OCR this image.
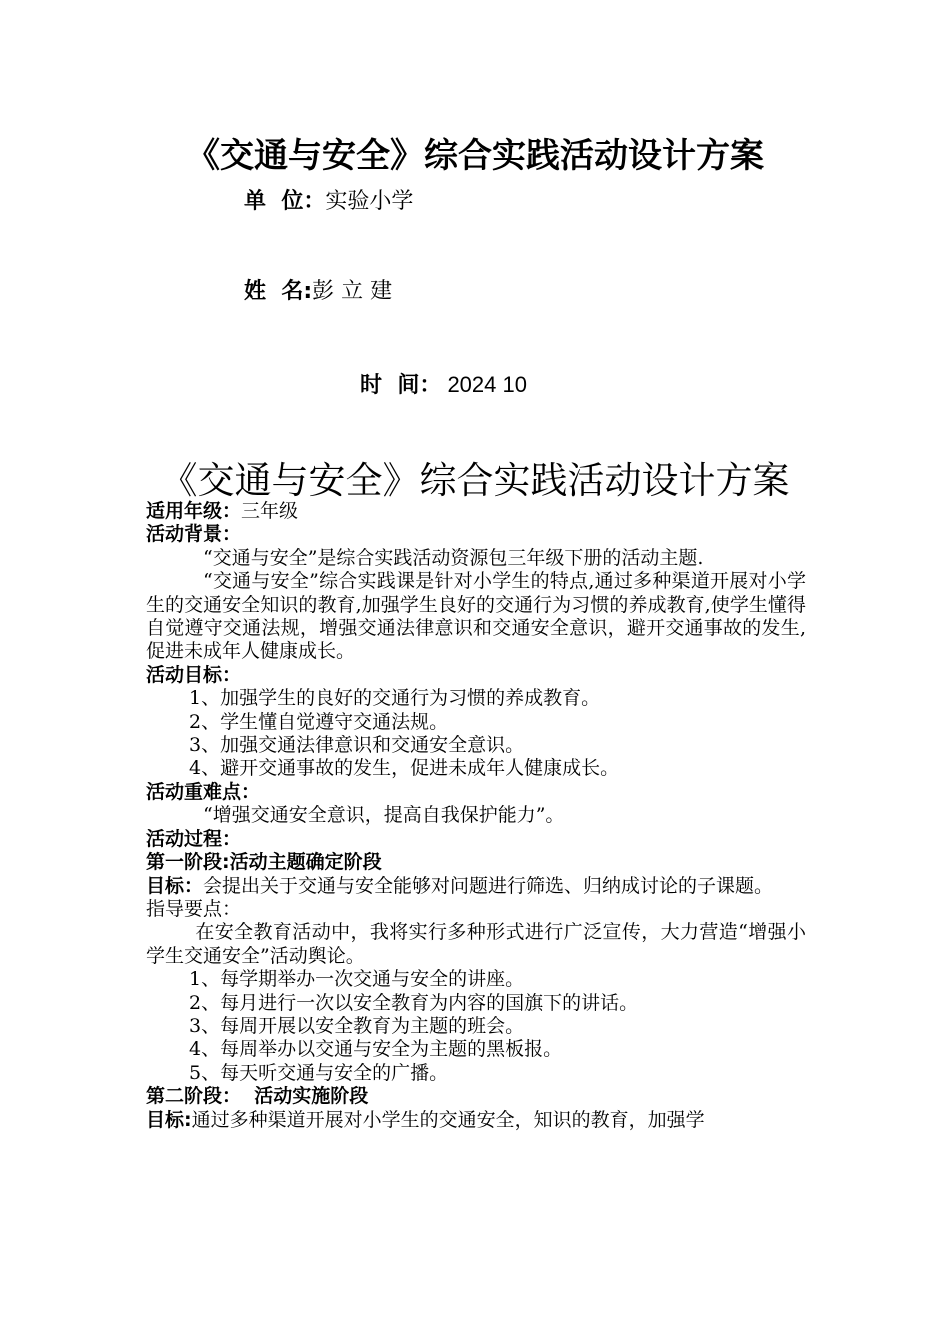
《交通与安全》综合实践活动设计方案
单  位：实验小学
姓  名:彭 立 建
时  间： 2024 10
《交通与安全》综合实践活动设计方案

适用年级：三年级

活动背景：

“交通与安全”是综合实践活动资源包三年级下册的活动主题.

“交通与安全”综合实践课是针对小学生的特点,通过多种渠道开展对小学生的交通安全知识的教育,加强学生良好的交通行为习惯的养成教育,使学生懂得自觉遵守交通法规，增强交通法律意识和交通安全意识，避开交通事故的发生,促进未成年人健康成长。

活动目标：

1、加强学生的良好的交通行为习惯的养成教育。

2、学生懂自觉遵守交通法规。

3、加强交通法律意识和交通安全意识。

4、避开交通事故的发生，促进未成年人健康成长。

活动重难点：

“增强交通安全意识，提高自我保护能力”。

活动过程：

第一阶段:活动主题确定阶段

目标：会提出关于交通与安全能够对问题进行筛选、归纳成讨论的子课题。

指导要点：

在安全教育活动中，我将实行多种形式进行广泛宣传，大力营造“增强小学生交通安全”活动舆论。

1、每学期举办一次交通与安全的讲座。

2、每月进行一次以安全教育为内容的国旗下的讲话。

3、每周开展以安全教育为主题的班会。

4、每周举办以交通与安全为主题的黑板报。

5、每天听交通与安全的广播。

第二阶段：  活动实施阶段

目标:通过多种渠道开展对小学生的交通安全，知识的教育，加强学
